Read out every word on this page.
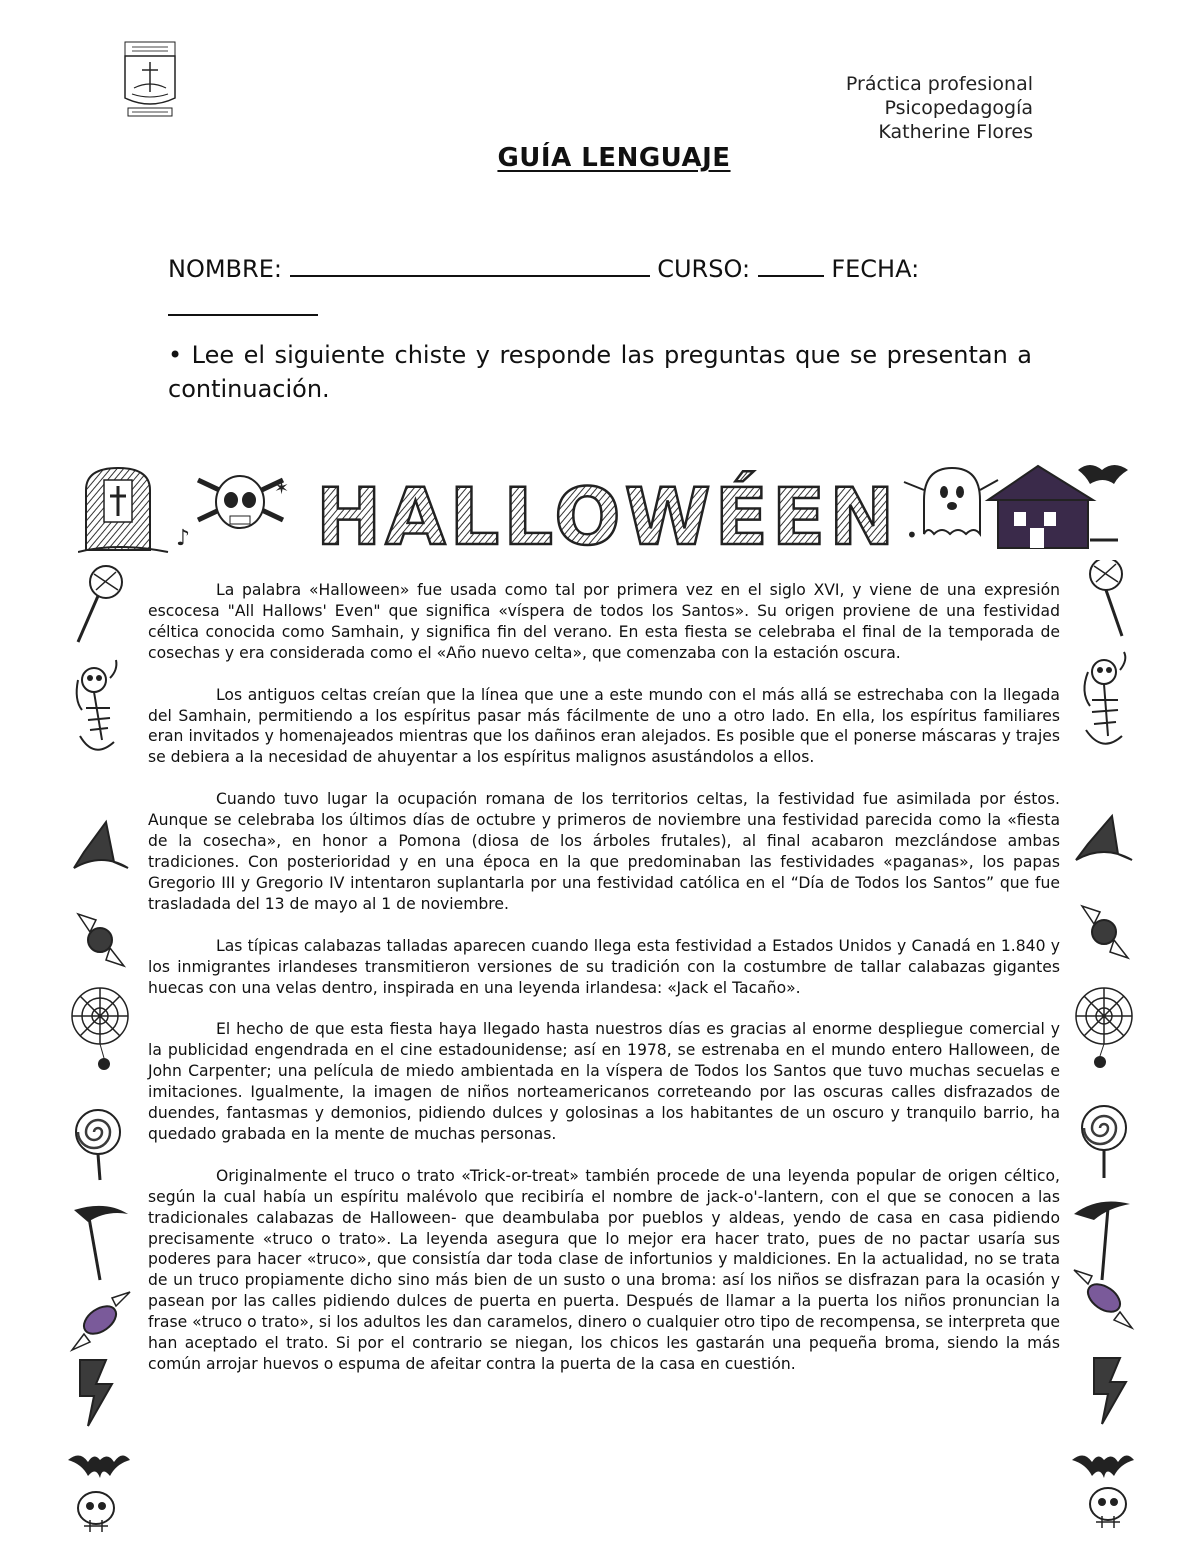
Práctica profesional
Psicopedagogía
Katherine Flores
GUÍA LENGUAJE
NOMBRE:	CURSO:	FECHA:
• Lee el siguiente chiste y responde las preguntas que se presentan a continuación.
♪
✶ HALLOWÉEN •

La palabra «Halloween» fue usada como tal por primera vez en el siglo XVI, y viene de una expresión escocesa "All Hallows' Even" que significa «víspera de todos los Santos». Su origen proviene de una festividad céltica conocida como Samhain, y significa fin del verano. En esta fiesta se celebraba el final de la temporada de cosechas y era considerada como el «Año nuevo celta», que comenzaba con la estación oscura.

Los antiguos celtas creían que la línea que une a este mundo con el más allá se estrechaba con la llegada del Samhain, permitiendo a los espíritus pasar más fácilmente de uno a otro lado. En ella, los espíritus familiares eran invitados y homenajeados mientras que los dañinos eran alejados. Es posible que el ponerse máscaras y trajes se debiera a la necesidad de ahuyentar a los espíritus malignos asustándolos a ellos.

Cuando tuvo lugar la ocupación romana de los territorios celtas, la festividad fue asimilada por éstos. Aunque se celebraba los últimos días de octubre y primeros de noviembre una festividad parecida como la «fiesta de la cosecha», en honor a Pomona (diosa de los árboles frutales), al final acabaron mezclándose ambas tradiciones. Con posterioridad y en una época en la que predominaban las festividades «paganas», los papas Gregorio III y Gregorio IV intentaron suplantarla por una festividad católica en el “Día de Todos los Santos” que fue trasladada del 13 de mayo al 1 de noviembre.

Las típicas calabazas talladas aparecen cuando llega esta festividad a Estados Unidos y Canadá en 1.840 y los inmigrantes irlandeses transmitieron versiones de su tradición con la costumbre de tallar calabazas gigantes huecas con una velas dentro, inspirada en una leyenda irlandesa: «Jack el Tacaño».

El hecho de que esta fiesta haya llegado hasta nuestros días es gracias al enorme despliegue comercial y la publicidad engendrada en el cine estadounidense; así en 1978, se estrenaba en el mundo entero Halloween, de John Carpenter; una película de miedo ambientada en la víspera de Todos los Santos que tuvo muchas secuelas e imitaciones. Igualmente, la imagen de niños norteamericanos correteando por las oscuras calles disfrazados de duendes, fantasmas y demonios, pidiendo dulces y golosinas a los habitantes de un oscuro y tranquilo barrio, ha quedado grabada en la mente de muchas personas.

Originalmente el truco o trato «Trick-or-treat» también procede de una leyenda popular de origen céltico, según la cual había un espíritu malévolo que recibiría el nombre de jack-o'-lantern, con el que se conocen a las tradicionales calabazas de Halloween- que deambulaba por pueblos y aldeas, yendo de casa en casa pidiendo precisamente «truco o trato». La leyenda asegura que lo mejor era hacer trato, pues de no pactar usaría sus poderes para hacer «truco», que consistía dar toda clase de infortunios y maldiciones. En la actualidad, no se trata de un truco propiamente dicho sino más bien de un susto o una broma: así los niños se disfrazan para la ocasión y pasean por las calles pidiendo dulces de puerta en puerta. Después de llamar a la puerta los niños pronuncian la frase «truco o trato», si los adultos les dan caramelos, dinero o cualquier otro tipo de recompensa, se interpreta que han aceptado el trato. Si por el contrario se niegan, los chicos les gastarán una pequeña broma, siendo la más común arrojar huevos o espuma de afeitar contra la puerta de la casa en cuestión.
